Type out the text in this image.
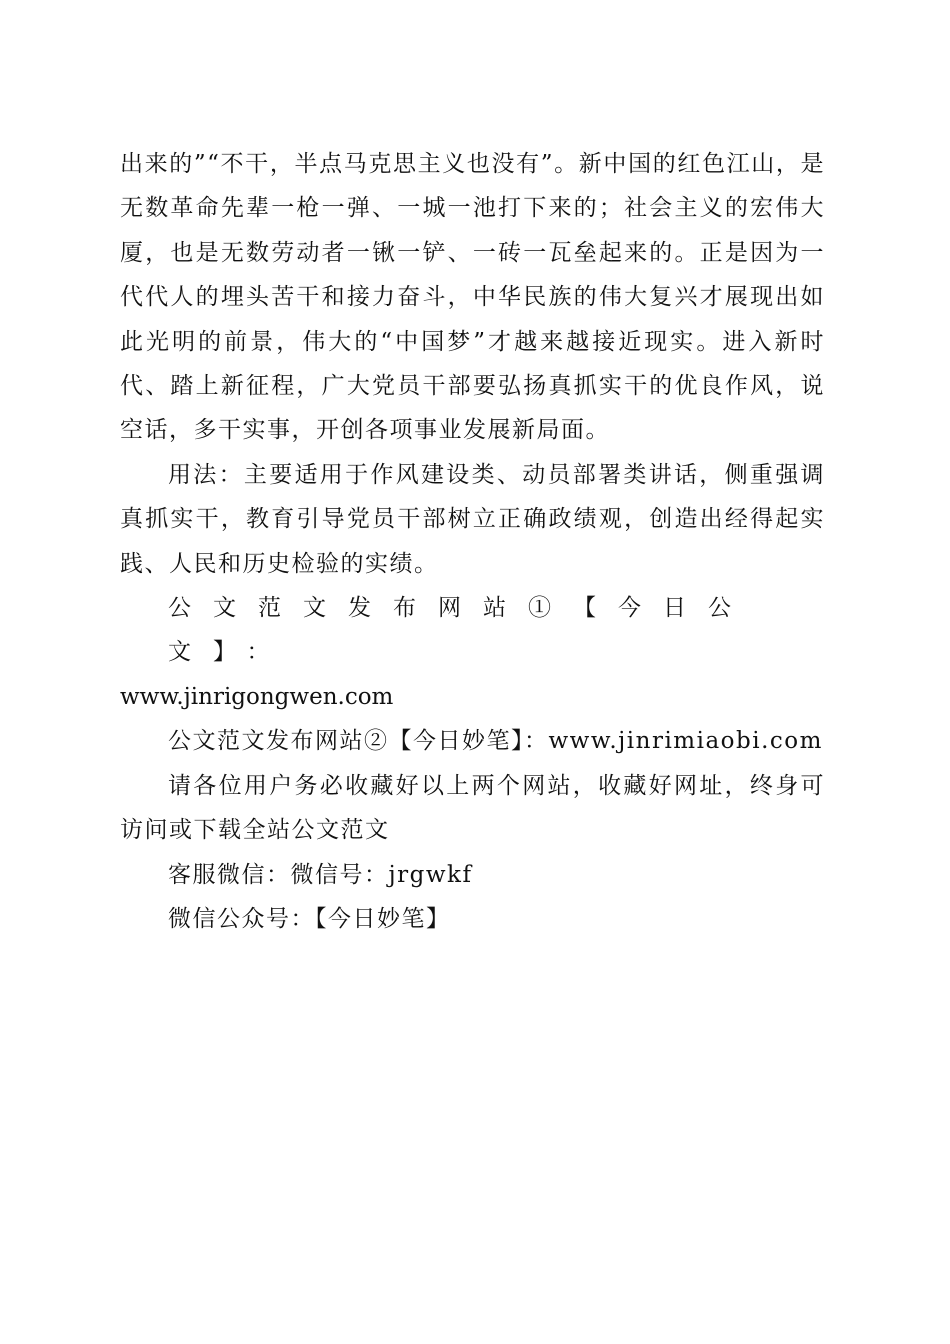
出来的”“不干，半点马克思主义也没有”。新中国的红色江山，是无数革命先辈一枪一弹、一城一池打下来的；社会主义的宏伟大厦，也是无数劳动者一锹一铲、一砖一瓦垒起来的。正是因为一代代人的埋头苦干和接力奋斗，中华民族的伟大复兴才展现出如此光明的前景，伟大的“中国梦”才越来越接近现实。进入新时代、踏上新征程，广大党员干部要弘扬真抓实干的优良作风，说空话，多干实事，开创各项事业发展新局面。

用法：主要适用于作风建设类、动员部署类讲话，侧重强调真抓实干，教育引导党员干部树立正确政绩观，创造出经得起实践、人民和历史检验的实绩。

公文范文发布网站①【今日公文】：
www.jinrigongwen.com

公文范文发布网站②【今日妙笔】：www.jinrimiaobi.com

请各位用户务必收藏好以上两个网站，收藏好网址，终身可访问或下载全站公文范文

客服微信：微信号：jrgwkf

微信公众号：【今日妙笔】
